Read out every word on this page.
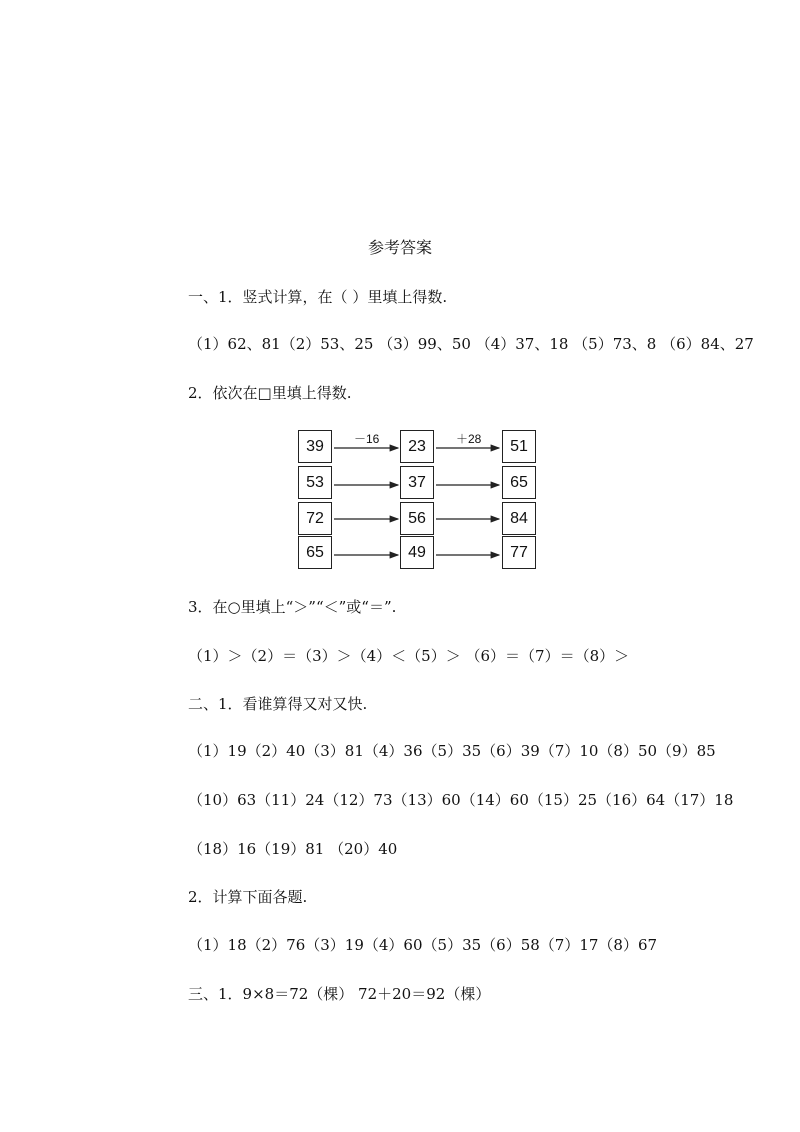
参考答案
一、1．竖式计算，在（ ）里填上得数.
（1）62、81（2）53、25 （3）99、50 （4）37、18 （5）73、8 （6）84、27
2．依次在□里填上得数.
－16	＋28
39
53
72
65
23
37
56
49
51
65
84
77
3．在○里填上“＞”“＜”或“＝”.
（1）＞（2）＝（3）＞（4）＜（5）＞ （6）＝（7）＝（8）＞
二、1．看谁算得又对又快.
（1）19（2）40（3）81（4）36（5）35（6）39（7）10（8）50（9）85
（10）63（11）24（12）73（13）60（14）60（15）25（16）64（17）18
（18）16（19）81 （20）40
2．计算下面各题.
（1）18（2）76（3）19（4）60（5）35（6）58（7）17（8）67
三、1．9×8＝72（棵） 72＋20＝92（棵）
